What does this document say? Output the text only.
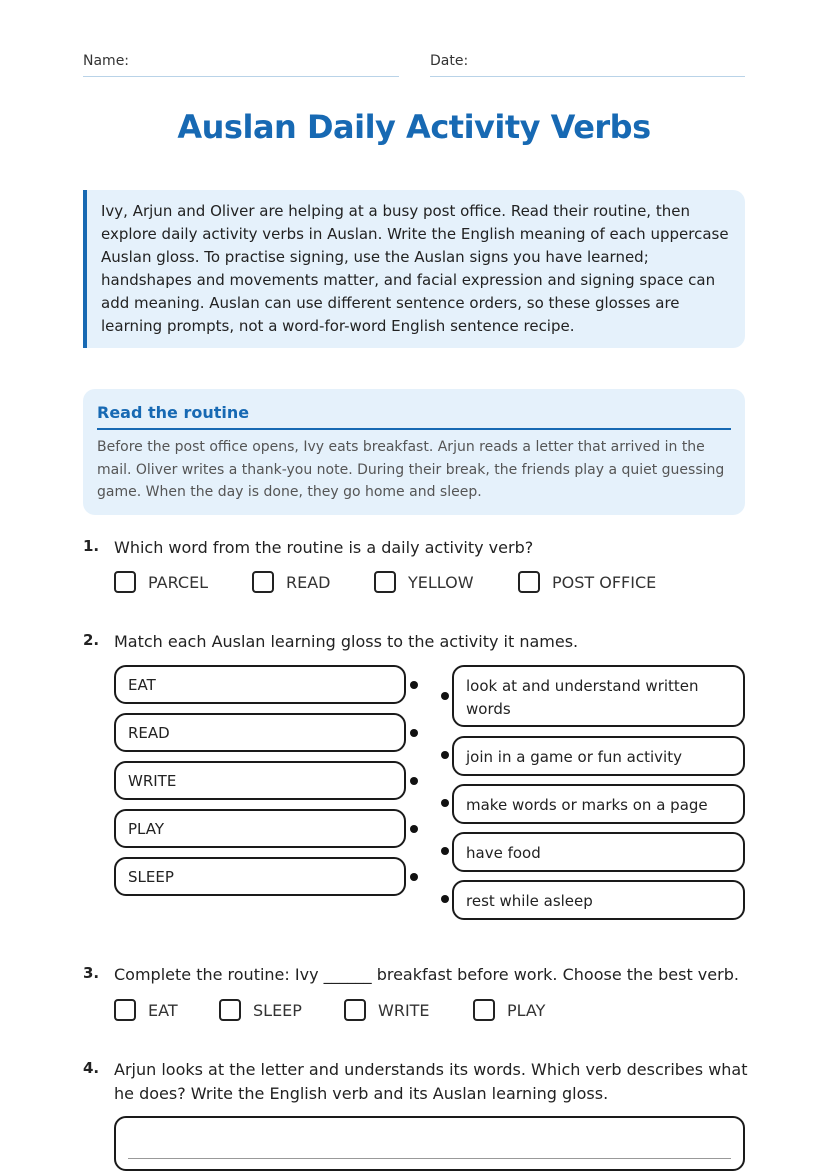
Name:	Date:
Auslan Daily Activity Verbs
Ivy, Arjun and Oliver are helping at a busy post office. Read their routine, then explore daily activity verbs in Auslan. Write the English meaning of each uppercase Auslan gloss. To practise signing, use the Auslan signs you have learned; handshapes and movements matter, and facial expression and signing space can add meaning. Auslan can use different sentence orders, so these glosses are learning prompts, not a word-for-word English sentence recipe.
Read the routine

Before the post office opens, Ivy eats breakfast. Arjun reads a letter that arrived in the mail. Oliver writes a thank-you note. During their break, the friends play a quiet guessing game. When the day is done, they go home and sleep.

1. Which word from the routine is a daily activity verb?
PARCEL	READ	YELLOW	POST OFFICE
2. Match each Auslan learning gloss to the activity it names.
EAT
READ
WRITE
PLAY
SLEEP
look at and understand written words
join in a game or fun activity
make words or marks on a page
have food
rest while asleep
3. Complete the routine: Ivy ______ breakfast before work. Choose the best verb.
EAT	SLEEP	WRITE	PLAY
4. Arjun looks at the letter and understands its words. Which verb describes what he does? Write the English verb and its Auslan learning gloss.
